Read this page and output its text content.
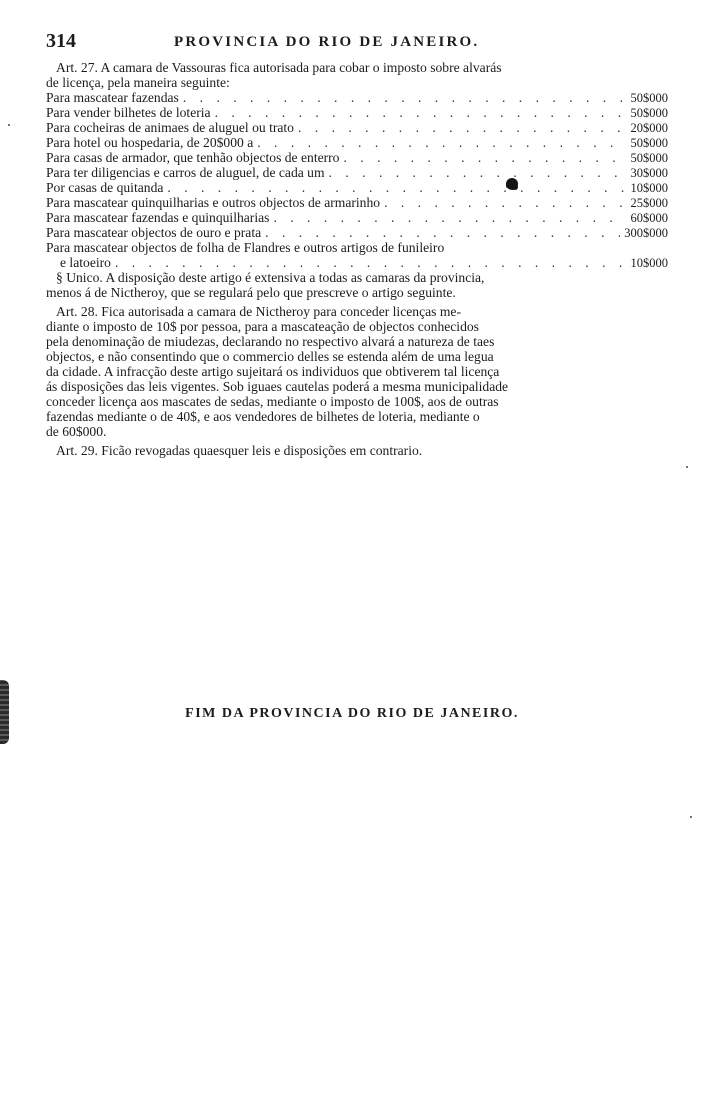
314	PROVINCIA DO RIO DE JANEIRO.
Art. 27. A camara de Vassouras fica autorisada para cobar o imposto sobre alvarás
de licença, pela maneira seguinte:
Para mascatear fazendas . . .	50$000
Para vender bilhetes de loteria . . .	50$000
Para cocheiras de animaes de aluguel ou trato . . .	20$000
Para hotel ou hospedaria, de 20$000 a . . .	50$000
Para casas de armador, que tenhão objectos de enterro . . .	50$000
Para ter diligencias e carros de aluguel, de cada um . . .	30$000
Por casas de quitanda . . .	10$000
Para mascatear quinquilharias e outros objectos de armarinho . . .	25$000
Para mascatear fazendas e quinquilharias . . .	60$000
Para mascatear objectos de ouro e prata . . .	300$000
Para mascatear objectos de folha de Flandres e outros artigos de funileiro
e latoeiro . . .	10$000
§ Unico. A disposição deste artigo é extensiva a todas as camaras da provincia,
menos á de Nictheroy, que se regulará pelo que prescreve o artigo seguinte.
Art. 28. Fica autorisada a camara de Nictheroy para conceder licenças me-
diante o imposto de 10$ por pessoa, para a mascateação de objectos conhecidos
pela denominação de miudezas, declarando no respectivo alvará a natureza de taes
objectos, e não consentindo que o commercio delles se estenda além de uma legua
da cidade. A infracção deste artigo sujeitará os individuos que obtiverem tal licença
ás disposições das leis vigentes. Sob iguaes cautelas poderá a mesma municipalidade
conceder licença aos mascates de sedas, mediante o imposto de 100$, aos de outras
fazendas mediante o de 40$, e aos vendedores de bilhetes de loteria, mediante o
de 60$000.
Art. 29. Ficão revogadas quaesquer leis e disposições em contrario.
FIM DA PROVINCIA DO RIO DE JANEIRO.
